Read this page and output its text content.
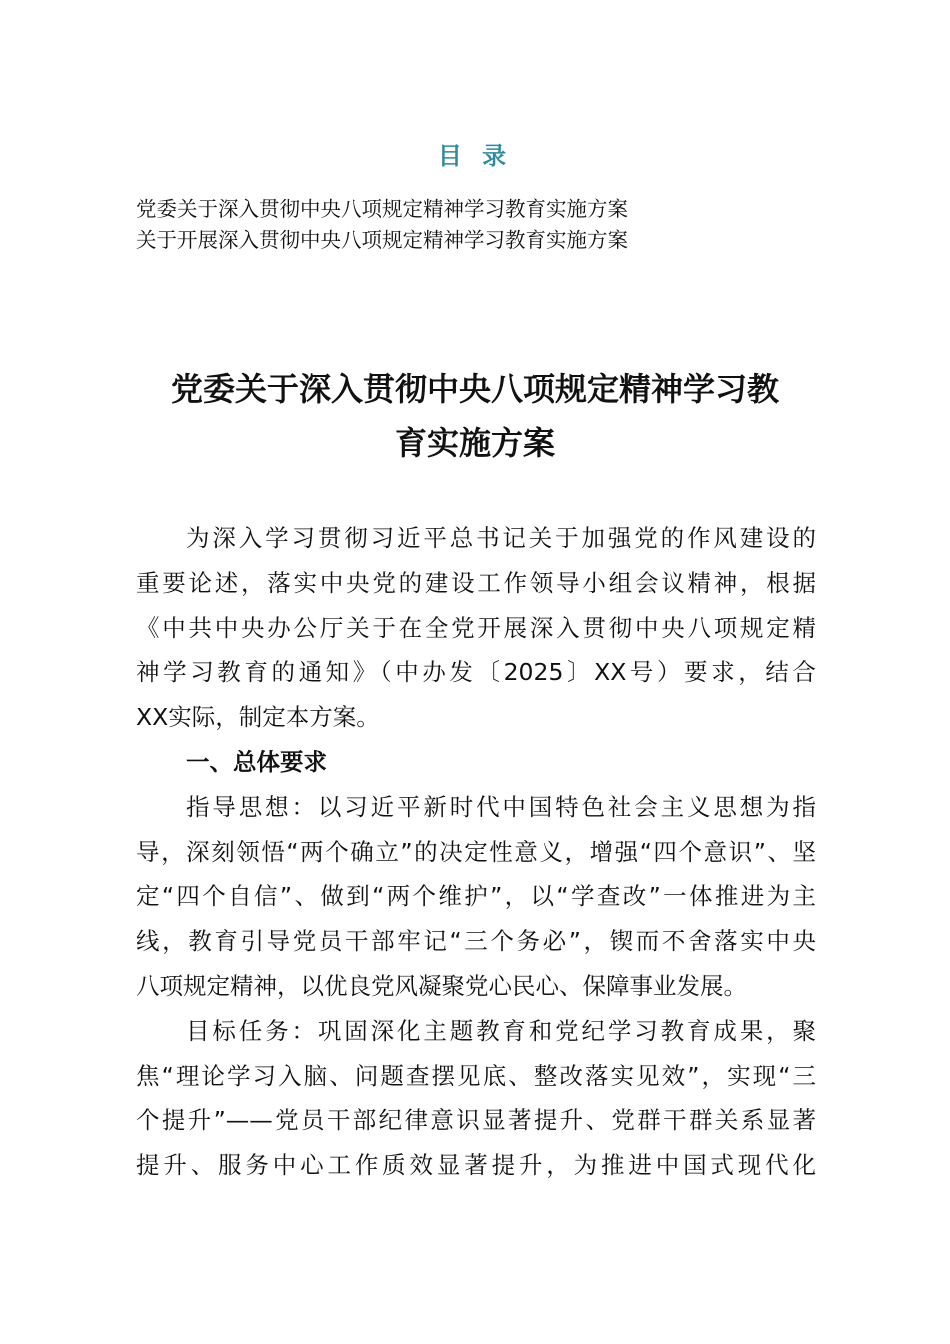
目 录
党委关于深入贯彻中央八项规定精神学习教育实施方案
关于开展深入贯彻中央八项规定精神学习教育实施方案
党委关于深入贯彻中央八项规定精神学习教
育实施方案
为深入学习贯彻习近平总书记关于加强党的作风建设的
重要论述，落实中央党的建设工作领导小组会议精神，根据
《中共中央办公厅关于在全党开展深入贯彻中央八项规定精
神学习教育的通知》（中办发〔2025〕XX号）要求，结合
XX实际，制定本方案。
一、总体要求
指导思想：以习近平新时代中国特色社会主义思想为指
导，深刻领悟“两个确立”的决定性意义，增强“四个意识”、坚
定“四个自信”、做到“两个维护”，以“学查改”一体推进为主
线，教育引导党员干部牢记“三个务必”，锲而不舍落实中央
八项规定精神，以优良党风凝聚党心民心、保障事业发展。
目标任务：巩固深化主题教育和党纪学习教育成果，聚
焦“理论学习入脑、问题查摆见底、整改落实见效”，实现“三
个提升”——党员干部纪律意识显著提升、党群干群关系显著
提升、服务中心工作质效显著提升，为推进中国式现代化
